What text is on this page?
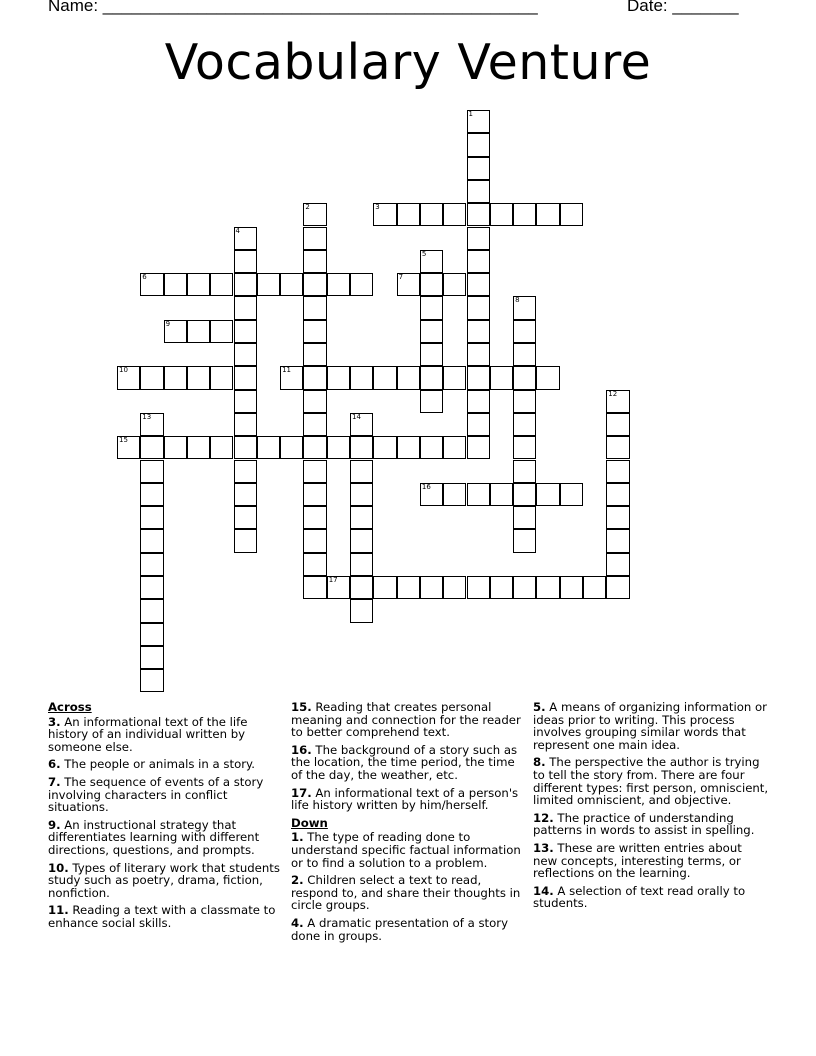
Name: ______________________________________________	Date: _______
Vocabulary Venture
1
2	3
4
5
6	7
8
9
10	11
12
13	14
15
16
17
Across
3. An informational text of the life history of an individual written by someone else.
6. The people or animals in a story.
7. The sequence of events of a story involving characters in conflict situations.
9. An instructional strategy that differentiates learning with different directions, questions, and prompts.
10. Types of literary work that students study such as poetry, drama, fiction, nonfiction.
11. Reading a text with a classmate to enhance social skills.
15. Reading that creates personal meaning and connection for the reader to better comprehend text.
16. The background of a story such as the location, the time period, the time of the day, the weather, etc.
17. An informational text of a person's life history written by him/herself.
Down
1. The type of reading done to understand specific factual information or to find a solution to a problem.
2. Children select a text to read, respond to, and share their thoughts in circle groups.
4. A dramatic presentation of a story done in groups.
5. A means of organizing information or ideas prior to writing. This process involves grouping similar words that represent one main idea.
8. The perspective the author is trying to tell the story from. There are four different types: first person, omniscient, limited omniscient, and objective.
12. The practice of understanding patterns in words to assist in spelling.
13. These are written entries about new concepts, interesting terms, or reflections on the learning.
14. A selection of text read orally to students.
